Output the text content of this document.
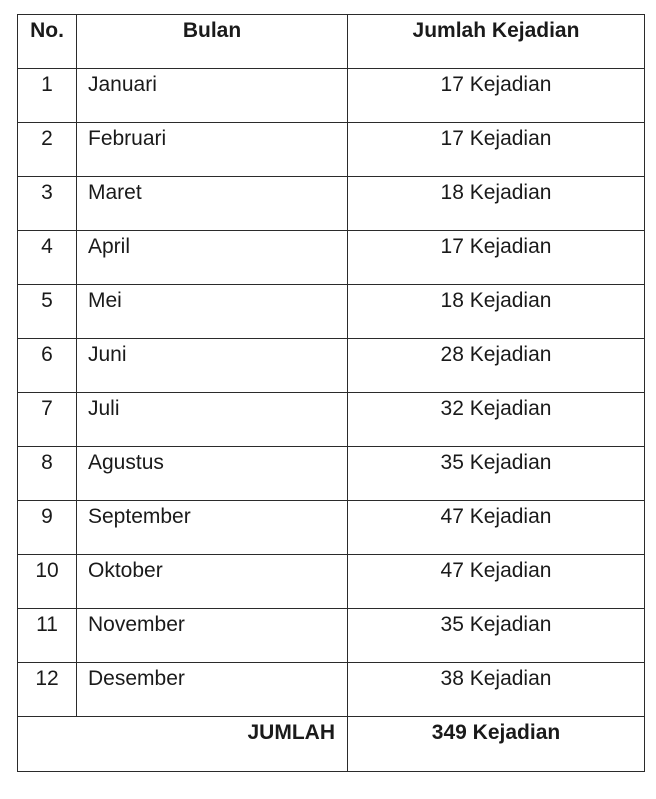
No.	Bulan	Jumlah Kejadian

1	Januari	17 Kejadian

2	Februari	17 Kejadian

3	Maret	18 Kejadian

4	April	17 Kejadian

5	Mei	18 Kejadian

6	Juni	28 Kejadian

7	Juli	32 Kejadian

8	Agustus	35 Kejadian

9	September	47 Kejadian

10	Oktober	47 Kejadian

11	November	35 Kejadian

12	Desember	38 Kejadian

JUMLAH		349 Kejadian
